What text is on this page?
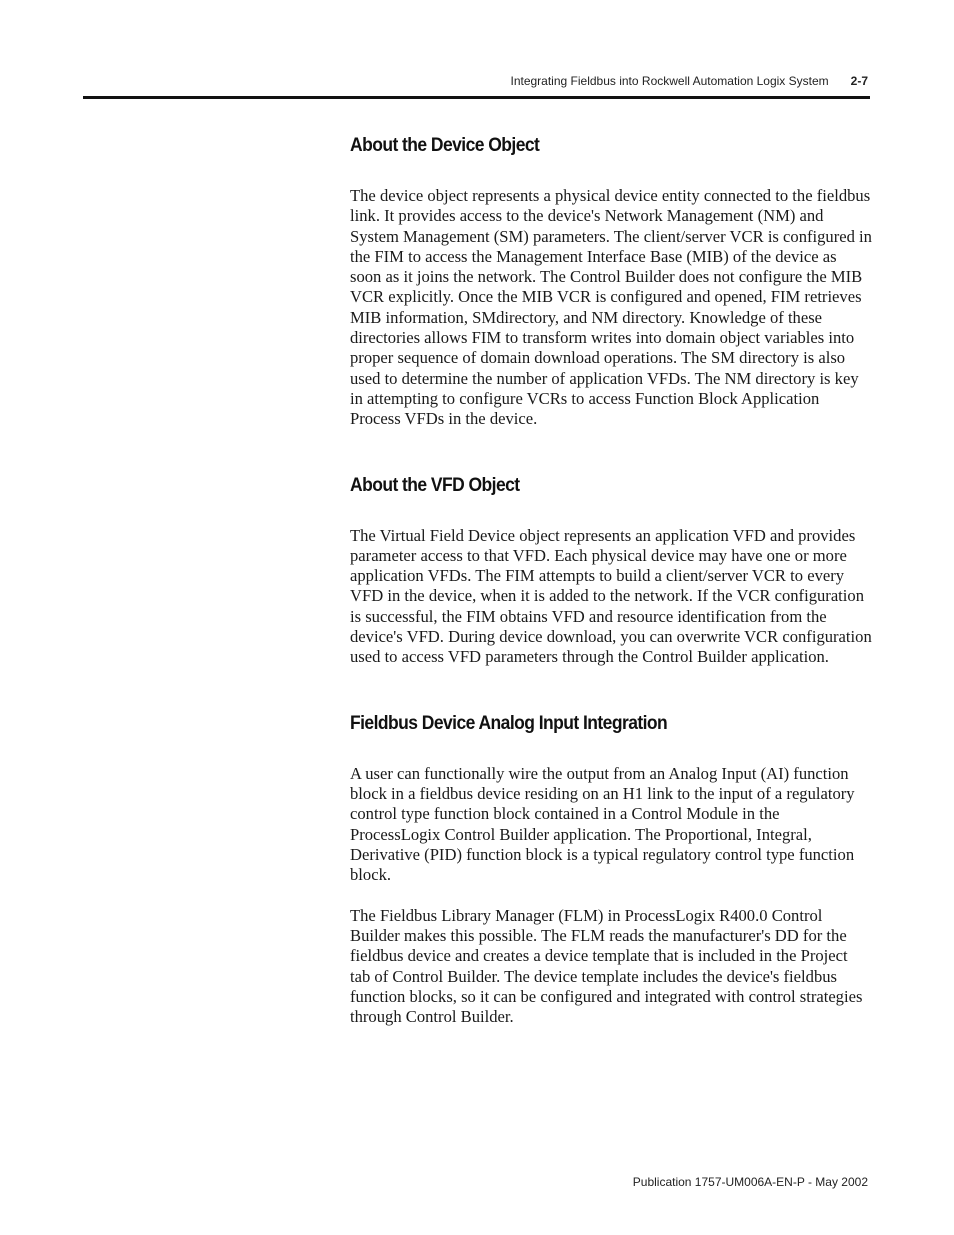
Integrating Fieldbus into Rockwell Automation Logix System 2-7
About the Device Object

The device object represents a physical device entity connected to the fieldbus link. It provides access to the device's Network Management (NM) and System Management (SM) parameters. The client/server VCR is configured in the FIM to access the Management Interface Base (MIB) of the device as soon as it joins the network. The Control Builder does not configure the MIB VCR explicitly. Once the MIB VCR is configured and opened, FIM retrieves MIB information, SMdirectory, and NM directory. Knowledge of these directories allows FIM to transform writes into domain object variables into proper sequence of domain download operations. The SM directory is also used to determine the number of application VFDs. The NM directory is key in attempting to configure VCRs to access Function Block Application Process VFDs in the device.

About the VFD Object

The Virtual Field Device object represents an application VFD and provides parameter access to that VFD. Each physical device may have one or more application VFDs. The FIM attempts to build a client/server VCR to every VFD in the device, when it is added to the network. If the VCR configuration is successful, the FIM obtains VFD and resource identification from the device's VFD. During device download, you can overwrite VCR configuration used to access VFD parameters through the Control Builder application.

Fieldbus Device Analog Input Integration

A user can functionally wire the output from an Analog Input (AI) function block in a fieldbus device residing on an H1 link to the input of a regulatory control type function block contained in a Control Module in the ProcessLogix Control Builder application. The Proportional, Integral, Derivative (PID) function block is a typical regulatory control type function block.

The Fieldbus Library Manager (FLM) in ProcessLogix R400.0 Control Builder makes this possible. The FLM reads the manufacturer's DD for the fieldbus device and creates a device template that is included in the Project tab of Control Builder. The device template includes the device's fieldbus function blocks, so it can be configured and integrated with control strategies through Control Builder.

Publication 1757-UM006A-EN-P - May 2002
